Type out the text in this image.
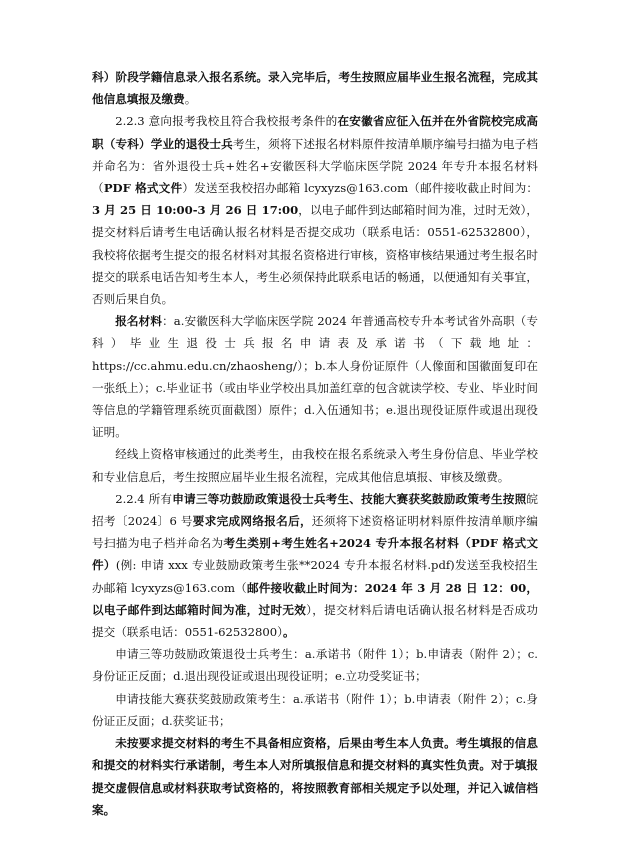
科）阶段学籍信息录入报名系统。录入完毕后，考生按照应届毕业生报名流程，完成其他信息填报及缴费。

2.2.3 意向报考我校且符合我校报考条件的在安徽省应征入伍并在外省院校完成高职（专科）学业的退役士兵考生，须将下述报名材料原件按清单顺序编号扫描为电子档并命名为：省外退役士兵+姓名+安徽医科大学临床医学院 2024 年专升本报名材料（PDF 格式文件）发送至我校招办邮箱 lcyxyzs@163.com（邮件接收截止时间为：3 月 25 日 10:00-3 月 26 日 17:00，以电子邮件到达邮箱时间为准，过时无效），提交材料后请考生电话确认报名材料是否提交成功（联系电话：0551-62532800），我校将依据考生提交的报名材料对其报名资格进行审核，资格审核结果通过考生报名时提交的联系电话告知考生本人，考生必须保持此联系电话的畅通，以便通知有关事宜，否则后果自负。

报名材料：a.安徽医科大学临床医学院 2024 年普通高校专升本考试省外高职（专科）毕业生退役士兵报名申请表及承诺书（下载地址：https://cc.ahmu.edu.cn/zhaosheng/）；b.本人身份证原件（人像面和国徽面复印在一张纸上）；c.毕业证书（或由毕业学校出具加盖红章的包含就读学校、专业、毕业时间等信息的学籍管理系统页面截图）原件；d.入伍通知书；e.退出现役证原件或退出现役证明。

经线上资格审核通过的此类考生，由我校在报名系统录入考生身份信息、毕业学校和专业信息后，考生按照应届毕业生报名流程，完成其他信息填报、审核及缴费。

2.2.4 所有申请三等功鼓励政策退役士兵考生、技能大赛获奖鼓励政策考生按照皖招考〔2024〕6 号要求完成网络报名后，还须将下述资格证明材料原件按清单顺序编号扫描为电子档并命名为考生类别+考生姓名+2024 专升本报名材料（PDF 格式文件）(例: 申请 xxx 专业鼓励政策考生张**2024 专升本报名材料.pdf)发送至我校招生办邮箱 lcyxyzs@163.com（邮件接收截止时间为：2024 年 3 月 28 日 12：00，以电子邮件到达邮箱时间为准，过时无效），提交材料后请电话确认报名材料是否成功提交（联系电话：0551-62532800）。

申请三等功鼓励政策退役士兵考生：a.承诺书（附件 1）；b.申请表（附件 2）；c.身份证正反面；d.退出现役证或退出现役证明；e.立功受奖证书；

申请技能大赛获奖鼓励政策考生：a.承诺书（附件 1）；b.申请表（附件 2）；c.身份证正反面；d.获奖证书；

未按要求提交材料的考生不具备相应资格，后果由考生本人负责。考生填报的信息和提交的材料实行承诺制，考生本人对所填报信息和提交材料的真实性负责。对于填报提交虚假信息或材料获取考试资格的，将按照教育部相关规定予以处理，并记入诚信档案。
